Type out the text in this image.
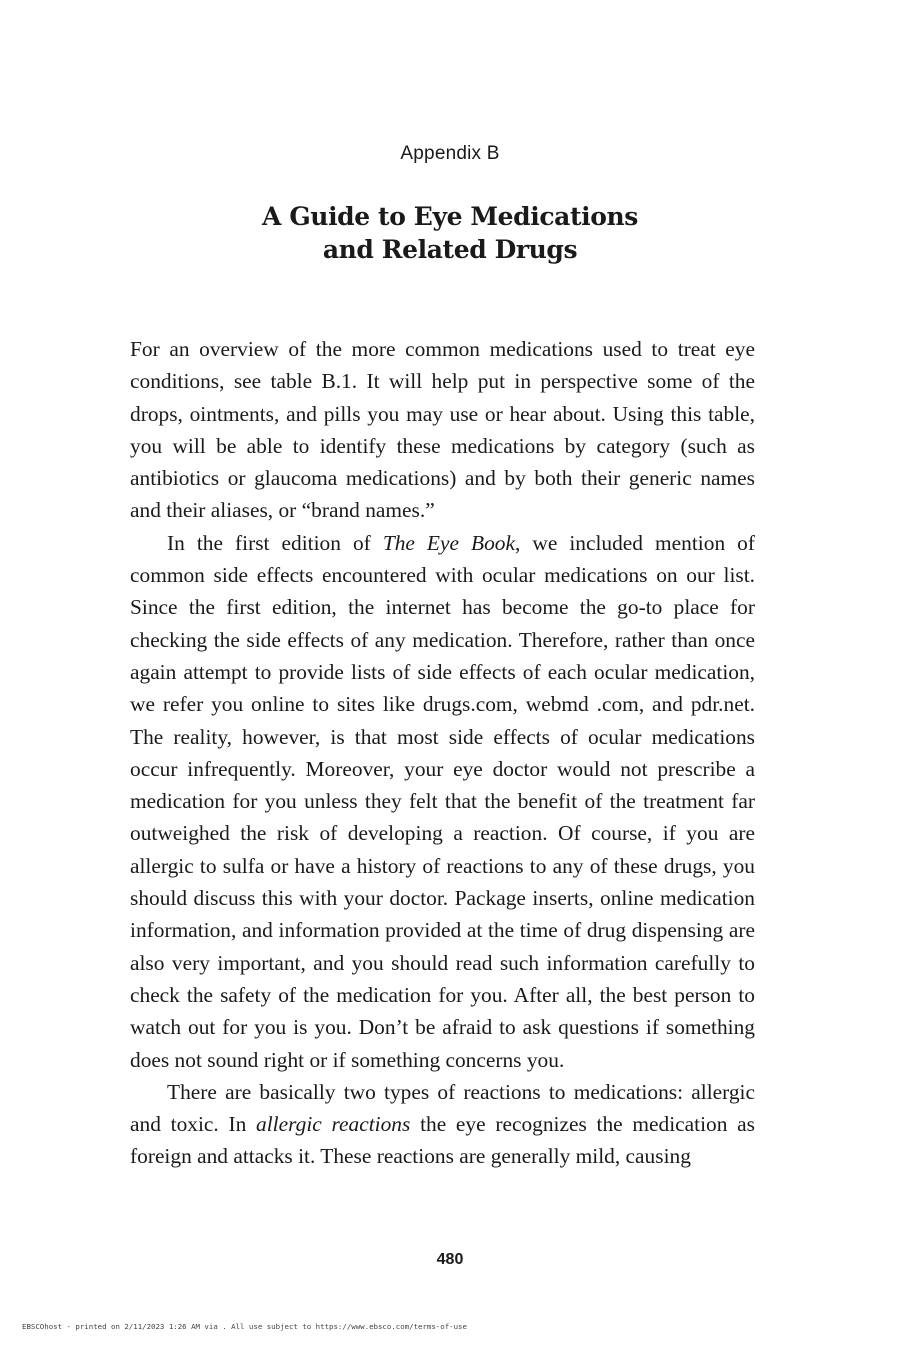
Appendix B
A Guide to Eye Medications
and Related Drugs

For an overview of the more common medications used to treat eye conditions, see table B.1. It will help put in perspective some of the drops, ointments, and pills you may use or hear about. Using this table, you will be able to identify these medications by category (such as antibiotics or glaucoma medications) and by both their generic names and their aliases, or “brand names.”

In the first edition of The Eye Book, we included mention of common side effects encountered with ocular medications on our list. Since the first edition, the internet has become the go-to place for checking the side effects of any medication. Therefore, rather than once again attempt to provide lists of side effects of each ocular medication, we refer you online to sites like drugs.com, webmd .com, and pdr.net. The reality, however, is that most side effects of ocular medications occur infrequently. Moreover, your eye doctor would not prescribe a medication for you unless they felt that the benefit of the treatment far outweighed the risk of developing a reaction. Of course, if you are allergic to sulfa or have a history of reactions to any of these drugs, you should discuss this with your doctor. Package inserts, online medication information, and information provided at the time of drug dispensing are also very important, and you should read such information carefully to check the safety of the medication for you. After all, the best person to watch out for you is you. Don’t be afraid to ask questions if something does not sound right or if something concerns you.

There are basically two types of reactions to medications: allergic and toxic. In allergic reactions the eye recognizes the medication as foreign and attacks it. These reactions are generally mild, causing

480
EBSCOhost - printed on 2/11/2023 1:26 AM via . All use subject to https://www.ebsco.com/terms-of-use
